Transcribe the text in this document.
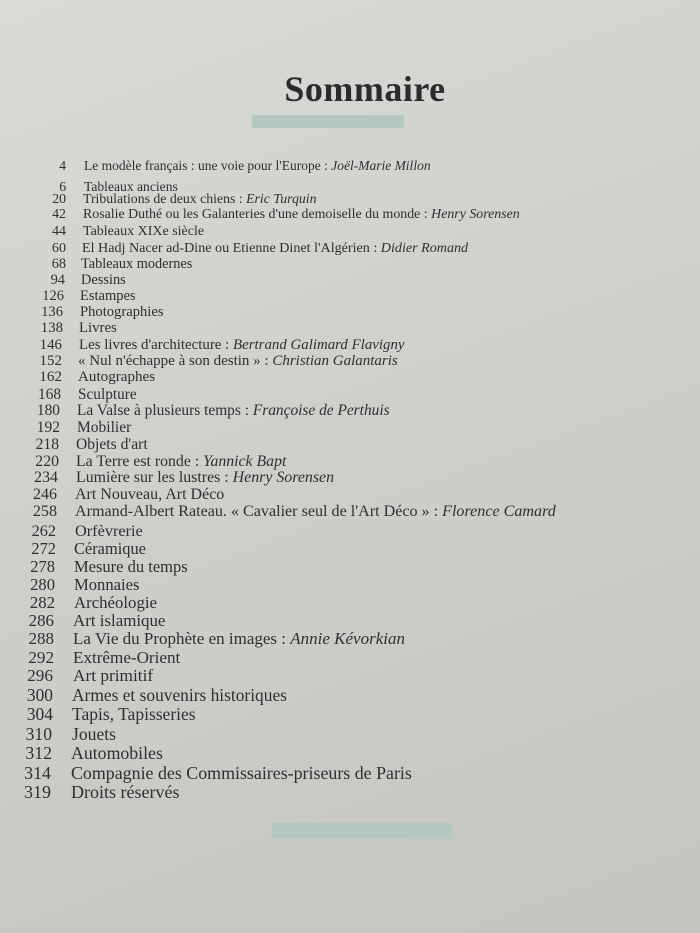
Sommaire
4 Le modèle français : une voie pour l'Europe : Joël-Marie Millon
6 Tableaux anciens
20 Tribulations de deux chiens : Eric Turquin
42 Rosalie Duthé ou les Galanteries d'une demoiselle du monde : Henry Sorensen
44 Tableaux XIXe siècle
60 El Hadj Nacer ad-Dine ou Etienne Dinet l'Algérien : Didier Romand
68 Tableaux modernes
94 Dessins
126 Estampes
136 Photographies
138 Livres
146 Les livres d'architecture : Bertrand Galimard Flavigny
152 « Nul n'échappe à son destin » : Christian Galantaris
162 Autographes
168 Sculpture
180 La Valse à plusieurs temps : Françoise de Perthuis
192 Mobilier
218 Objets d'art
220 La Terre est ronde : Yannick Bapt
234 Lumière sur les lustres : Henry Sorensen
246 Art Nouveau, Art Déco
258 Armand-Albert Rateau. « Cavalier seul de l'Art Déco » : Florence Camard
262 Orfèvrerie
272 Céramique
278 Mesure du temps
280 Monnaies
282 Archéologie
286 Art islamique
288 La Vie du Prophète en images : Annie Kévorkian
292 Extrême-Orient
296 Art primitif
300 Armes et souvenirs historiques
304 Tapis, Tapisseries
310 Jouets
312 Automobiles
314 Compagnie des Commissaires-priseurs de Paris
319 Droits réservés
